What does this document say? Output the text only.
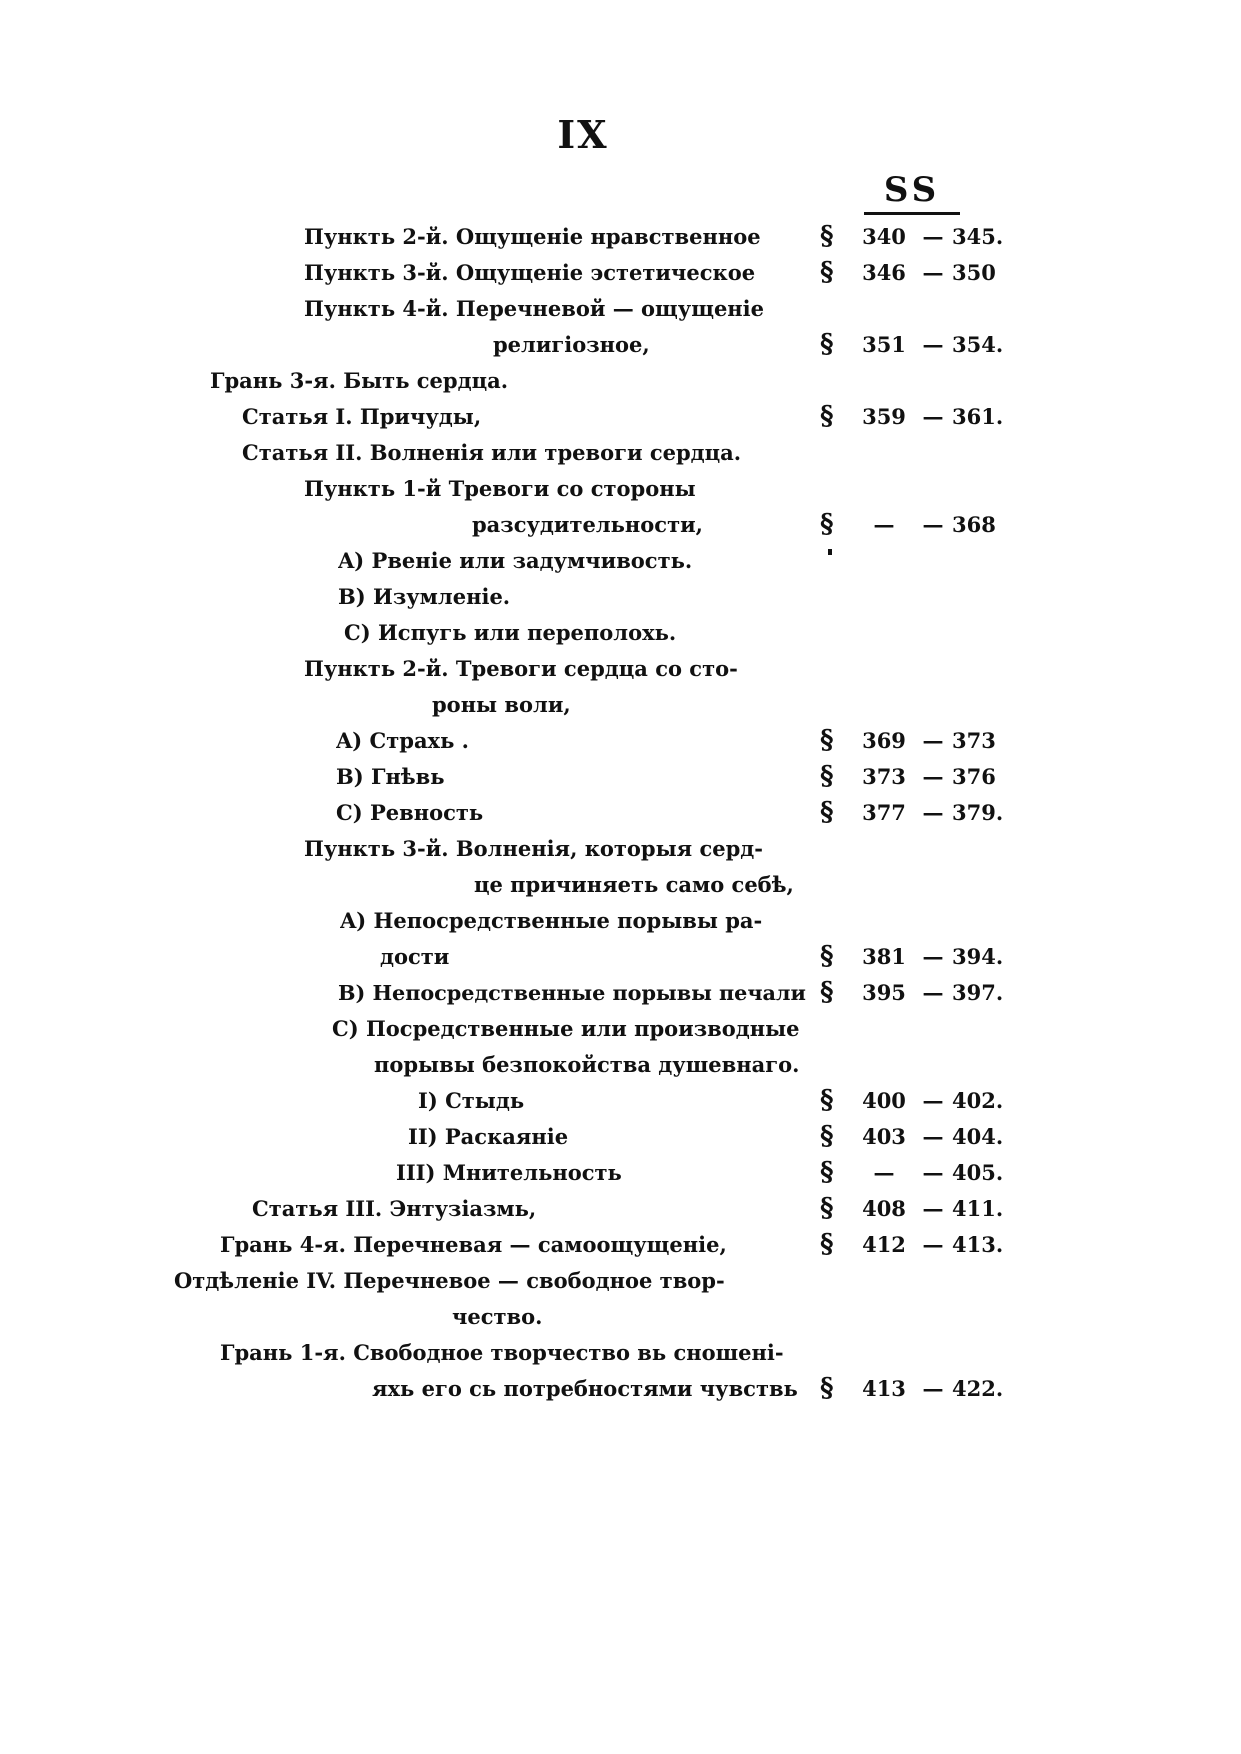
IX
SS
Пункть 2-й. Ощущеніе нравственное §	340 — 345.
Пункть 3-й. Ощущеніе эстетическое §	346 — 350
Пункть 4-й. Перечневой — ощущеніе
религіозное,	§	351 — 354.
Грань 3-я. Быть сердца.
Статья I. Причуды,	§	359 — 361.
Статья II. Волненія или тревоги сердца.
Пункть 1-й Тревоги со стороны
разсудительности,	§	—	— 368
A) Рвеніе или задумчивость.
B) Изумленіе.
C) Испугь или переполохь.
Пункть 2-й. Тревоги сердца со сто-
роны воли,
A) Страхь .	§	369 — 373
B) Гнѣвь	§	373 — 376
C) Ревность	§	377 — 379.
Пункть 3-й. Волненія, которыя серд-
це причиняеть само себѣ,
A) Непосредственные порывы ра-
дости	§	381 — 394.
B) Непосредственные порывы печали §	395 — 397.
C) Посредственные или производные
порывы безпокойства душевнаго.
I) Стыдь	§	400 — 402.
II) Раскаяніе	§	403 — 404.
III) Мнительность	§	—	— 405.
Статья III. Энтузіазмь,	§	408 — 411.
Грань 4-я. Перечневая — самоощущеніе,	§	412 — 413.
Отдѣленіе IV. Перечневое — свободное твор-
чество.
Грань 1-я. Свободное творчество вь сношені-
яхь его сь потребностями чувствь §	413 — 422.
